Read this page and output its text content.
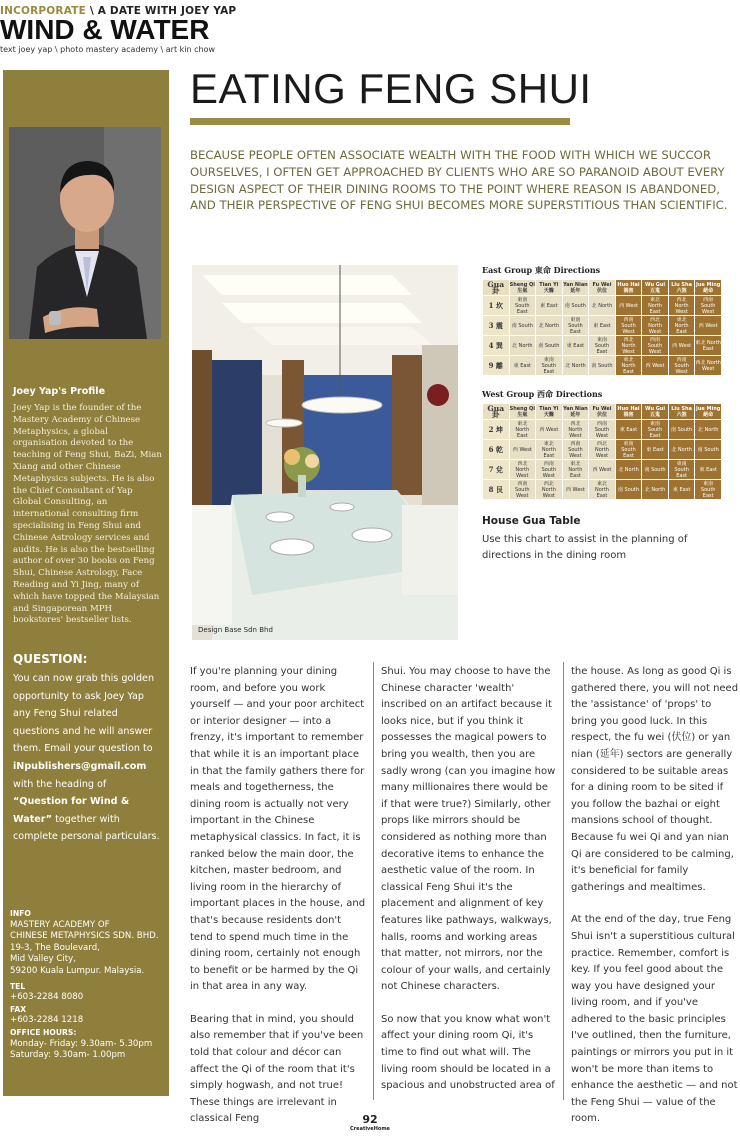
INCORPORATE \ A DATE WITH JOEY YAP
WIND & WATER
text joey yap \ photo mastery academy \ art kin chow
Joey Yap's Profile
Joey Yap is the founder of the Mastery Academy of Chinese Metaphysics, a global organisation devoted to the teaching of Feng Shui, BaZi, Mian Xiang and other Chinese Metaphysics subjects. He is also the Chief Consultant of Yap Global Consulting, an international consulting firm specialising in Feng Shui and Chinese Astrology services and audits. He is also the bestselling author of over 30 books on Feng Shui, Chinese Astrology, Face Reading and Yi Jing, many of which have topped the Malaysian and Singaporean MPH bookstores' bestseller lists.
QUESTION:
You can now grab this golden opportunity to ask Joey Yap any Feng Shui related questions and he will answer them. Email your question to iNpublishers@gmail.com with the heading of “Question for Wind & Water” together with complete personal particulars.
INFO
MASTERY ACADEMY OF
CHINESE METAPHYSICS SDN. BHD.
19-3, The Boulevard,
Mid Valley City,
59200 Kuala Lumpur. Malaysia.
TEL
+603-2284 8080
FAX
+603-2284 1218
OFFICE HOURS:
Monday- Friday: 9.30am- 5.30pm
Saturday: 9.30am- 1.00pm
EATING FENG SHUI
BECAUSE PEOPLE OFTEN ASSOCIATE WEALTH WITH THE FOOD WITH WHICH WE SUCCOR OURSELVES, I OFTEN GET APPROACHED BY CLIENTS WHO ARE SO PARANOID ABOUT EVERY DESIGN ASPECT OF THEIR DINING ROOMS TO THE POINT WHERE REASON IS ABANDONED, AND THEIR PERSPECTIVE OF FENG SHUI BECOMES MORE SUPERSTITIOUS THAN SCIENTIFIC.
Design Base Sdn Bhd
East Group 東命 Directions
Gua 卦	Sheng Qi 生氣	Tian Yi 天醫	Yan Nian 延年	Fu Wei 伏位	Huo Hai 禍害	Wu Gui 五鬼	Liu Sha 六煞	Jue Ming 絕命
1 坎	東南 South East	東 East	南 South	北 North	西 West	東北 North East	西北 North West	西南 South West
3 震	南 South	北 North	東南 South East	東 East	西南 South West	西北 North West	東北 North East	西 West
4 巽	北 North	南 South	東 East	東南 South East	西北 North West	西南 South West	西 West	東北 North East
9 離	東 East	東南 South East	北 North	南 South	東北 North East	西 West	西南 South West	西北 North West
West Group 西命 Directions
Gua 卦	Sheng Qi 生氣	Tian Yi 天醫	Yan Nian 延年	Fu Wei 伏位	Huo Hai 禍害	Wu Gui 五鬼	Liu Sha 六煞	Jue Ming 絕命
2 坤	東北 North East	西 West	西北 North West	西南 South West	東 East	東南 South East	南 South	北 North
6 乾	西 West	東北 North East	西南 South West	西北 North West	東南 South East	東 East	北 North	南 South
7 兌	西北 North West	西南 South West	東北 North East	西 West	北 North	南 South	東南 South East	東 East
8 艮	西南 South West	西北 North West	西 West	東北 North East	南 South	北 North	東 East	東南 South East
House Gua Table
Use this chart to assist in the planning of directions in the dining room

If you're planning your dining room, and before you work yourself — and your poor architect or interior designer — into a frenzy, it's important to remember that while it is an important place in that the family gathers there for meals and togetherness, the dining room is actually not very important in the Chinese metaphysical classics. In fact, it is ranked below the main door, the kitchen, master bedroom, and living room in the hierarchy of important places in the house, and that's because residents don't tend to spend much time in the dining room, certainly not enough to benefit or be harmed by the Qi in that area in any way.

Bearing that in mind, you should also remember that if you've been told that colour and décor can affect the Qi of the room that it's simply hogwash, and not true! These things are irrelevant in classical Feng

Shui. You may choose to have the Chinese character 'wealth' inscribed on an artifact because it looks nice, but if you think it possesses the magical powers to bring you wealth, then you are sadly wrong (can you imagine how many millionaires there would be if that were true?) Similarly, other props like mirrors should be considered as nothing more than decorative items to enhance the aesthetic value of the room. In classical Feng Shui it's the placement and alignment of key features like pathways, walkways, halls, rooms and working areas that matter, not mirrors, nor the colour of your walls, and certainly not Chinese characters.

So now that you know what won't affect your dining room Qi, it's time to find out what will. The living room should be located in a spacious and unobstructed area of

the house. As long as good Qi is gathered there, you will not need the 'assistance' of 'props' to bring you good luck. In this respect, the fu wei (伏位) or yan nian (延年) sectors are generally considered to be suitable areas for a dining room to be sited if you follow the bazhai or eight mansions school of thought. Because fu wei Qi and yan nian Qi are considered to be calming, it's beneficial for family gatherings and mealtimes.

At the end of the day, true Feng Shui isn't a superstitious cultural practice. Remember, comfort is key. If you feel good about the way you have designed your living room, and if you've adhered to the basic principles I've outlined, then the furniture, paintings or mirrors you put in it won't be more than items to enhance the aesthetic — and not the Feng Shui — value of the room.

92
CreativeHome
